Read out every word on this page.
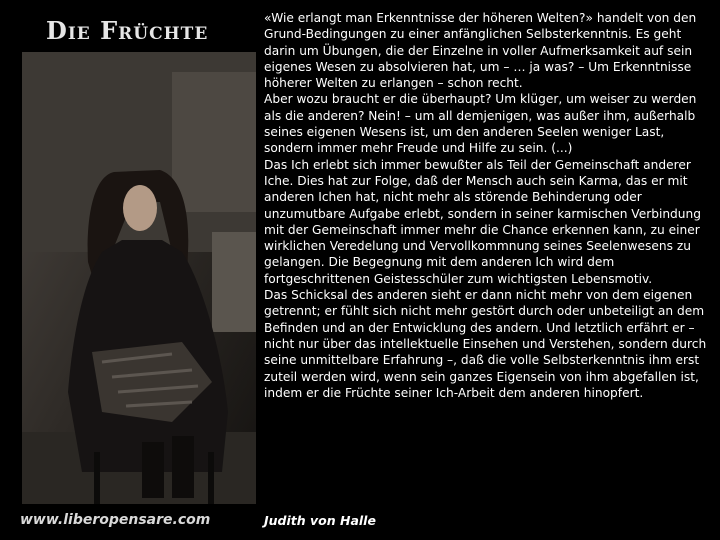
Die Früchte	«Wie erlangt man Erkenntnisse der höheren Welten?» handelt von den Grund-Bedingungen zu einer anfänglichen Selbsterkenntnis. Es geht darin um Übungen, die der Einzelne in voller Aufmerksamkeit auf sein eigenes Wesen zu absolvieren hat, um – … ja was? – Um Erkenntnisse höherer Welten zu erlangen – schon recht.

Aber wozu braucht er die überhaupt? Um klüger, um weiser zu werden als die anderen? Nein! – um all demjenigen, was außer ihm, außerhalb seines eigenen Wesens ist, um den anderen Seelen weniger Last, sondern immer mehr Freude und Hilfe zu sein. (...)

Das Ich erlebt sich immer bewußter als Teil der Gemeinschaft anderer Iche. Dies hat zur Folge, daß der Mensch auch sein Karma, das er mit anderen Ichen hat, nicht mehr als störende Behinderung oder unzumutbare Aufgabe erlebt, sondern in seiner karmischen Verbindung mit der Gemeinschaft immer mehr die Chance erkennen kann, zu einer wirklichen Veredelung und Vervollkommnung seines Seelenwesens zu gelangen. Die Begegnung mit dem anderen Ich wird dem fortgeschrittenen Geistesschüler zum wichtigsten Lebensmotiv.

Das Schicksal des anderen sieht er dann nicht mehr von dem eigenen getrennt; er fühlt sich nicht mehr gestört durch oder unbeteiligt an dem Befinden und an der Entwicklung des andern. Und letztlich erfährt er – nicht nur über das intellektuelle Einsehen und Verstehen, sondern durch seine unmittelbare Erfahrung –, daß die volle Selbsterkenntnis ihm erst zuteil werden wird, wenn sein ganzes Eigensein von ihm abgefallen ist, indem er die Früchte seiner Ich-Arbeit dem anderen hinopfert.

Judith von Halle
www.liberopensare.com
